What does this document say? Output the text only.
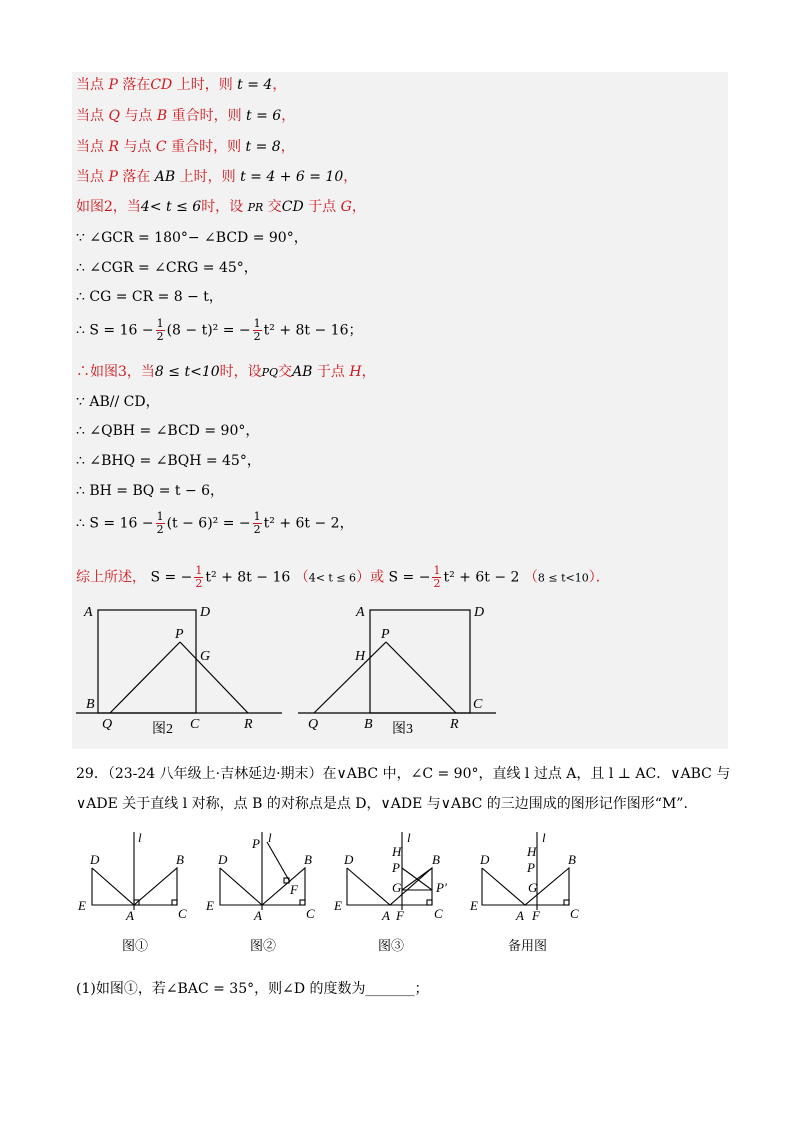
当点 P 落在CD 上时，则 t = 4，
当点 Q 与点 B 重合时，则 t = 6，
当点 R 与点 C 重合时，则 t = 8，
当点 P 落在 AB 上时，则 t = 4 + 6 = 10，
如图2，当4< t ≤ 6时，设 PR 交CD 于点 G，
∵ ∠GCR = 180°− ∠BCD = 90°，
∴ ∠CGR = ∠CRG = 45°，
∴ CG = CR = 8 − t，
∴ $S = 16 - \frac{1}{2} (8 - t)^2$ = − $\frac{1}{2} t^2 + 8t - 16$；
∴如图3，当8 ≤ t<10时，设PQ交AB 于点 H，
∵ AB// CD，
∴ ∠QBH = ∠BCD = 90°，
∴ ∠BHQ = ∠BQH = 45°，
∴ BH = BQ = t − 6，
∴ $S = 16 - \frac{1}{2} (t - 6)^2$ = − $\frac{1}{2} t^2 + 6t - 2$，
综上所述， S = − $\frac{1}{2} t^2 + 8t - 16$ （4< t ≤ 6）或 S = − $\frac{1}{2} t^2 + 6t - 2$ （8 ≤ t<10）．
A	D
P
G
B
Q	C	R
A	D
P
H
Q	B	R
C
图2	图3
29．（23-24 八年级上·吉林延边·期末）在∨ABC 中，∠C = 90°，直线 l 过点 A，且 l ⊥ AC．∨ABC 与
∨ADE 关于直线 l 对称，点 B 的对称点是点 D，∨ADE 与∨ABC 的三边围成的图形记作图形“M”.
l
D	B
E
A	C
l
P
D	B
F
E
A	C
l
H
P
D	B
G	P′
E
A F C
l
H
P
D	B
G
E
A F C
图①	图②	图③	备用图
(1)如图①，若∠BAC = 35°，则∠D 的度数为_______；
